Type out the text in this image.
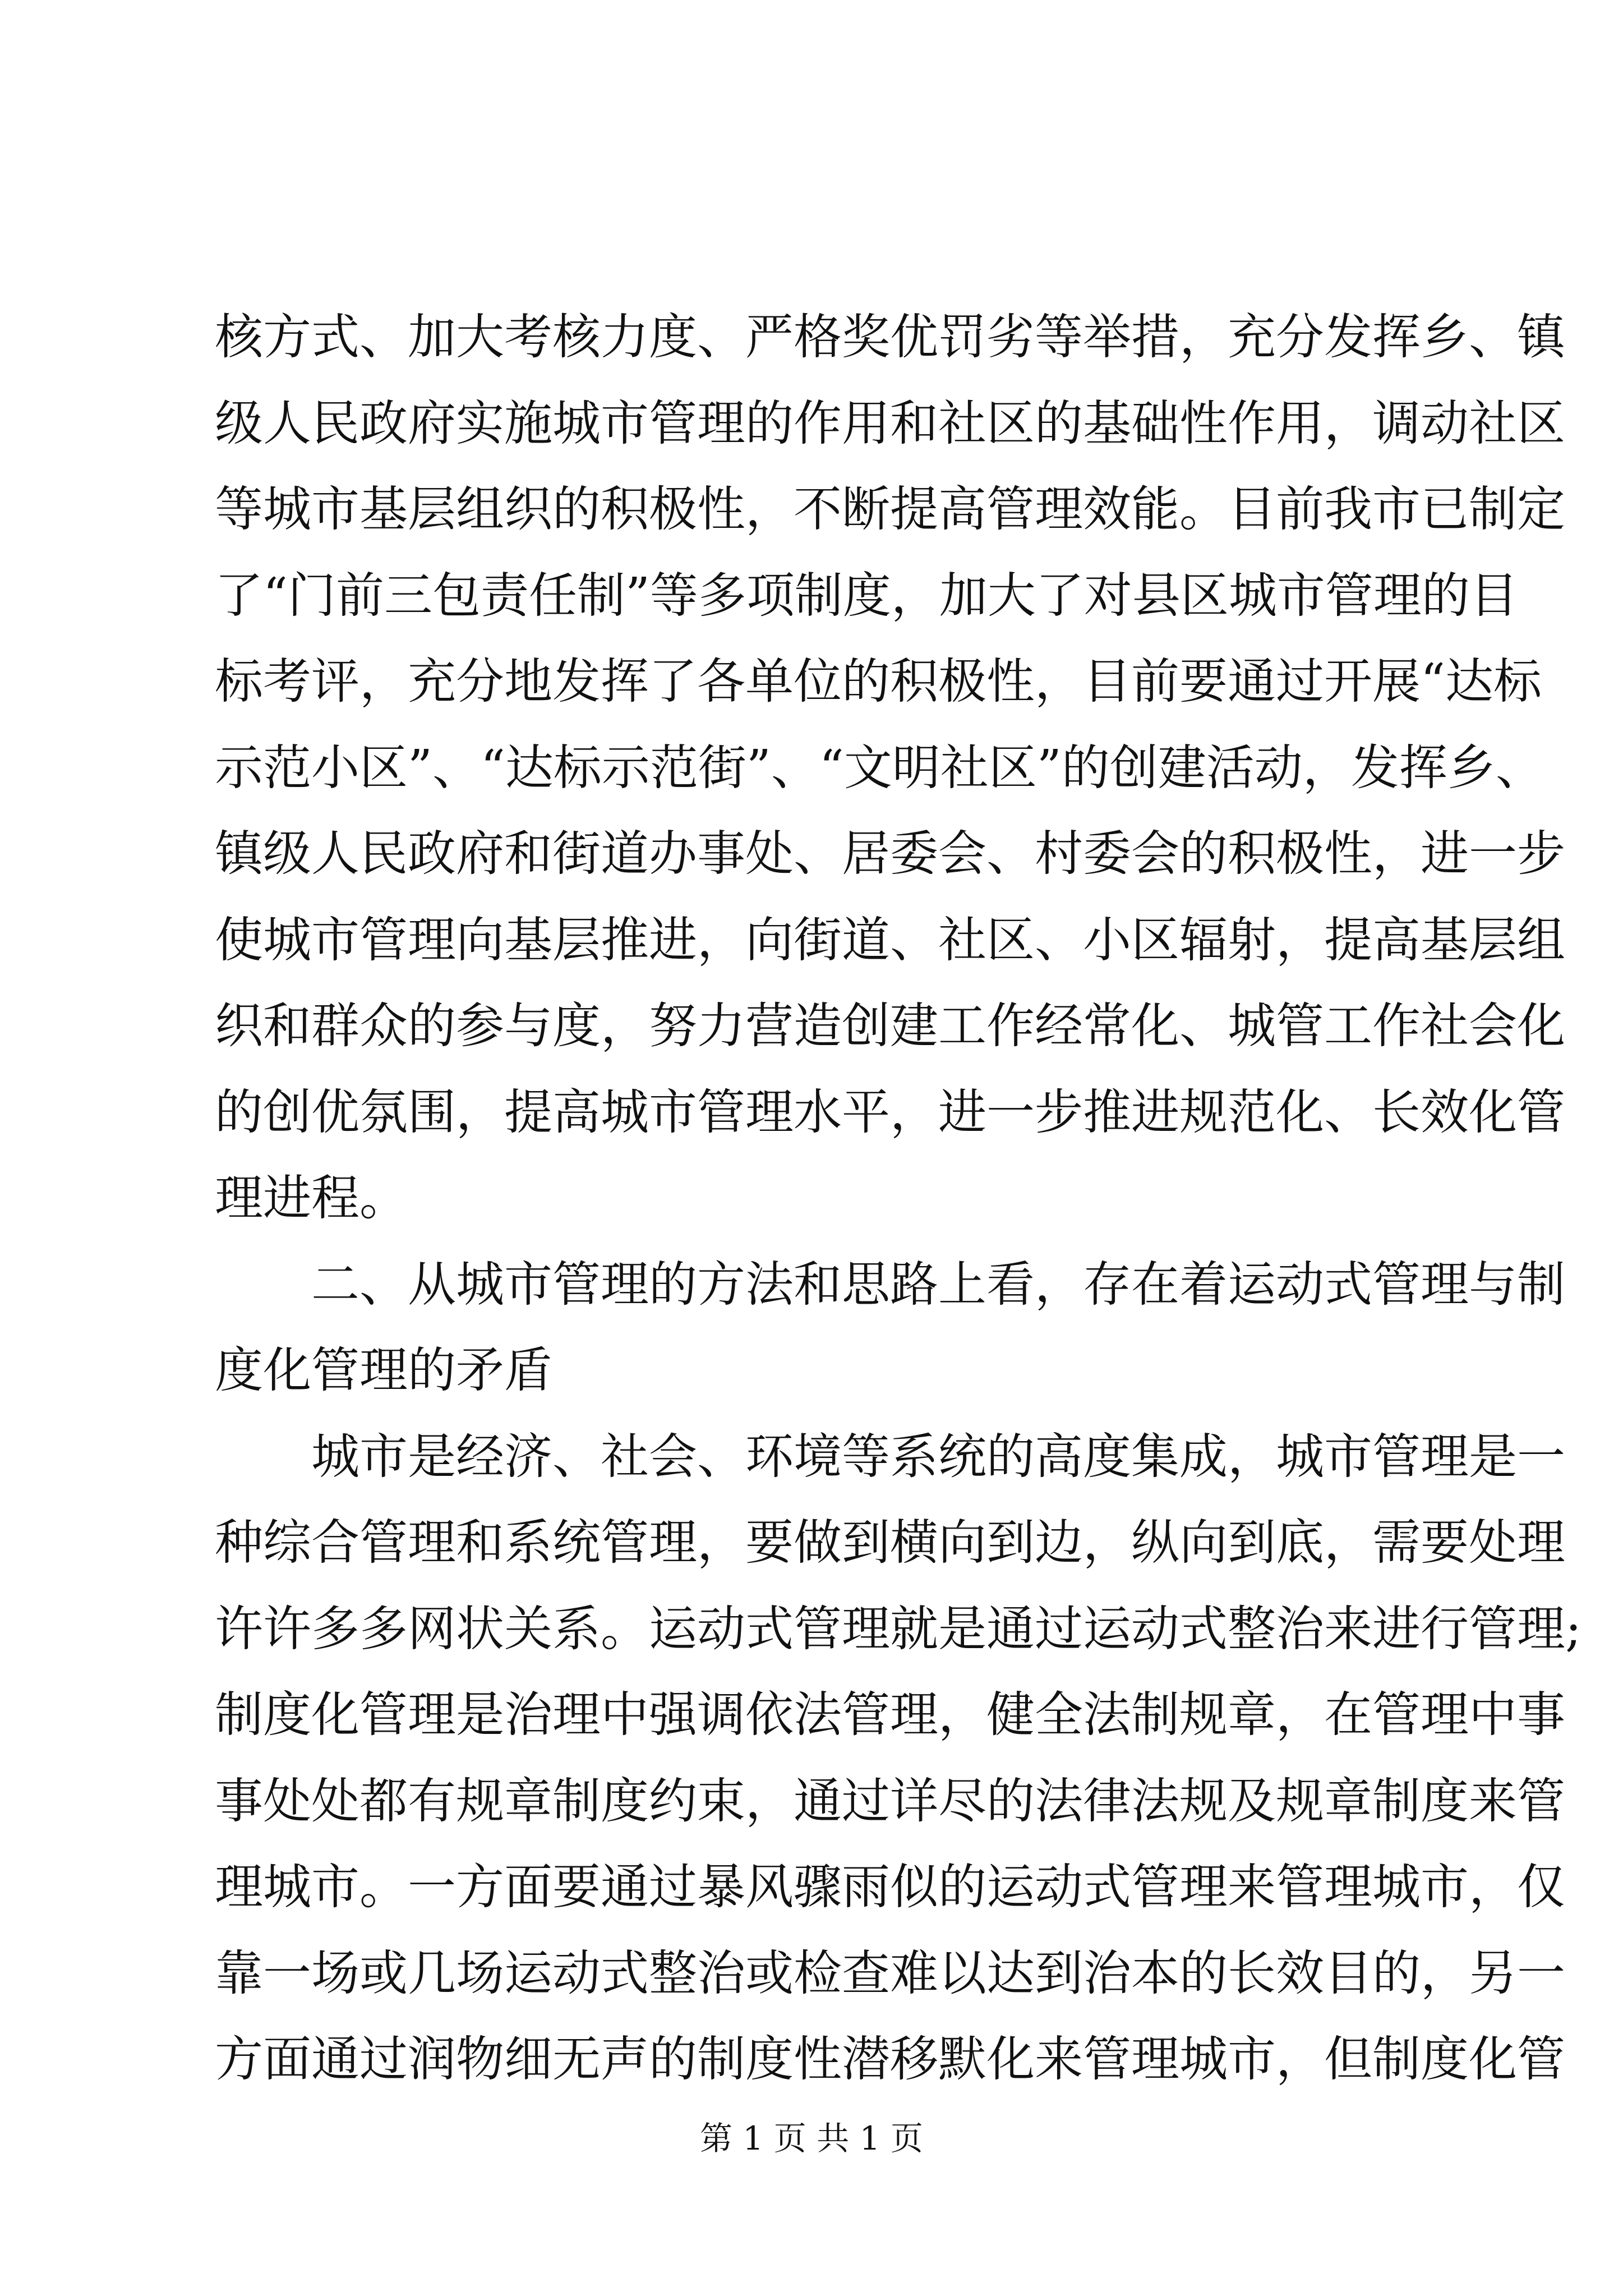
核方式、加大考核力度、严格奖优罚劣等举措，充分发挥乡、镇
级人民政府实施城市管理的作用和社区的基础性作用，调动社区
等城市基层组织的积极性，不断提高管理效能。目前我市已制定
了“门前三包责任制”等多项制度，加大了对县区城市管理的目
标考评，充分地发挥了各单位的积极性，目前要通过开展“达标
示范小区”、“达标示范街”、“文明社区”的创建活动，发挥乡、
镇级人民政府和街道办事处、居委会、村委会的积极性，进一步
使城市管理向基层推进，向街道、社区、小区辐射，提高基层组
织和群众的参与度，努力营造创建工作经常化、城管工作社会化
的创优氛围，提高城市管理水平，进一步推进规范化、长效化管
理进程。
二、从城市管理的方法和思路上看，存在着运动式管理与制
度化管理的矛盾
城市是经济、社会、环境等系统的高度集成，城市管理是一
种综合管理和系统管理，要做到横向到边，纵向到底，需要处理
许许多多网状关系。运动式管理就是通过运动式整治来进行管理;
制度化管理是治理中强调依法管理，健全法制规章，在管理中事
事处处都有规章制度约束，通过详尽的法律法规及规章制度来管
理城市。一方面要通过暴风骤雨似的运动式管理来管理城市，仅
靠一场或几场运动式整治或检查难以达到治本的长效目的，另一
方面通过润物细无声的制度性潜移默化来管理城市，但制度化管
第 1 页 共 1 页
